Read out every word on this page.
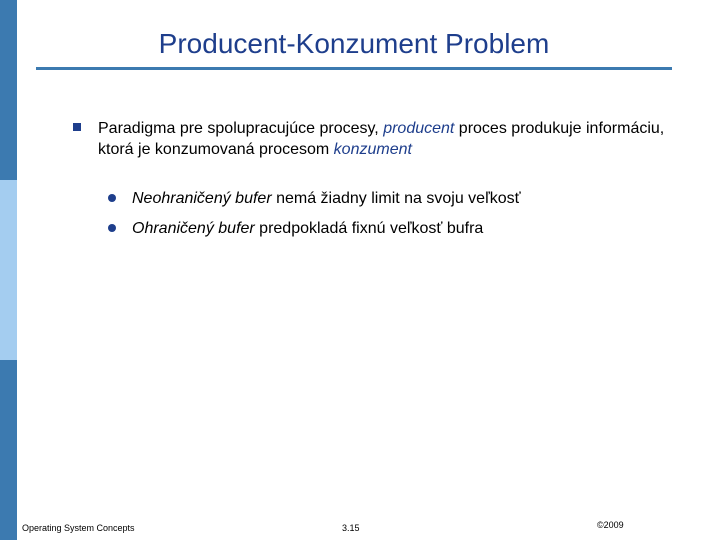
Producent-Konzument Problem
Paradigma pre spolupracujúce procesy, producent proces produkuje informáciu, ktorá je konzumovaná procesom konzument
Neohraničený bufer nemá žiadny limit na svoju veľkosť
Ohraničený bufer predpokladá fixnú veľkosť bufra
Operating System Concepts	3.15	©2009
